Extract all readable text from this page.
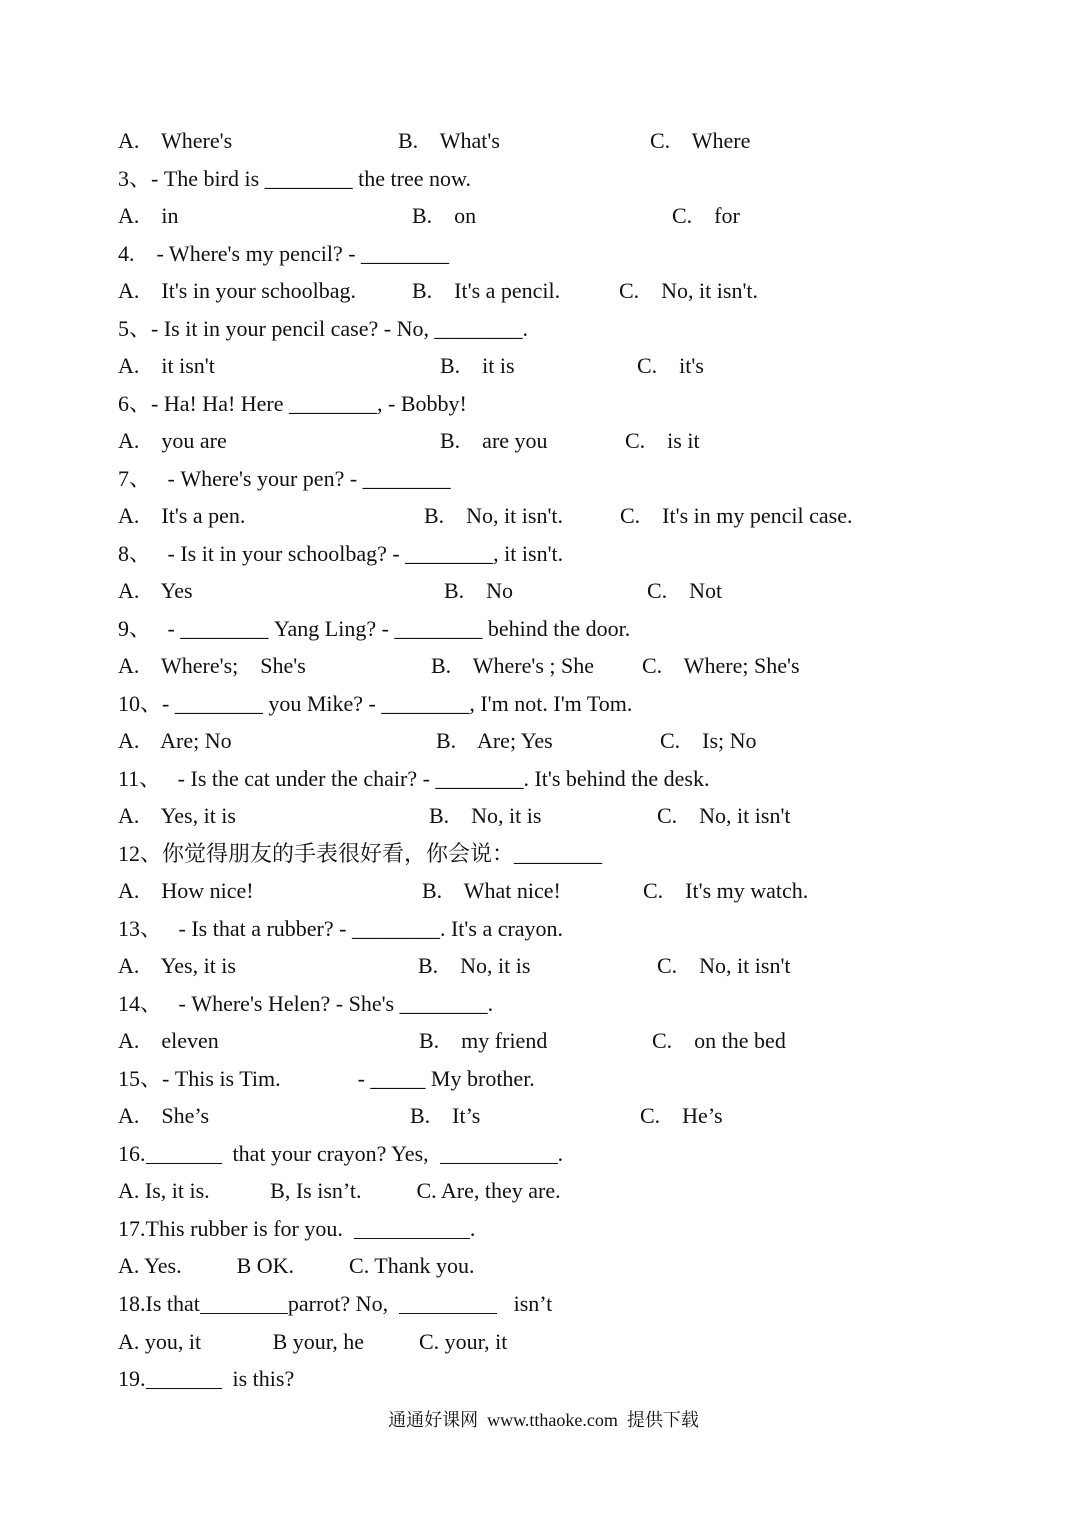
A.    Where's	B.    What's	C.    Where
3、- The bird is ________ the tree now.
A.    in	B.    on	C.    for
4.    - Where's my pencil? - ________
A.    It's in your schoolbag.	B.    It's a pencil.	C.    No, it isn't.
5、- Is it in your pencil case? - No, ________.
A.    it isn't	B.    it is	C.    it's
6、- Ha! Ha! Here ________, - Bobby!
A.    you are	B.    are you	C.    is it
7、   - Where's your pen? - ________
A.    It's a pen.	B.    No, it isn't.	C.    It's in my pencil case.
8、   - Is it in your schoolbag? - ________, it isn't.
A.    Yes	B.    No	C.    Not
9、   - ________ Yang Ling? - ________ behind the door.
A.    Where's;    She's	B.    Where's ; She C.    Where; She's
10、- ________ you Mike? - ________, I'm not. I'm Tom.
A.    Are; No	B.    Are; Yes	C.    Is; No
11、   - Is the cat under the chair? - ________. It's behind the desk.
A.    Yes, it is	B.    No, it is	C.    No, it isn't
12、你觉得朋友的手表很好看，你会说：________
A.    How nice!	B.    What nice!	C.    It's my watch.
13、   - Is that a rubber? - ________. It's a crayon.
A.    Yes, it is	B.    No, it is	C.    No, it isn't
14、   - Where's Helen? - She's ________.
A.    eleven	B.    my friend	C.    on the bed
15、- This is Tim.              - _____ My brother.
A.    She’s	B.    It’s	C.    He’s
16.	that your crayon? Yes,	.
A. Is, it is.           B, Is isn’t.          C. Are, they are.
17.This rubber is for you.	.
A. Yes.          B OK.          C. Thank you.
18.Is that	parrot? No,	isn’t
A. you, it             B your, he          C. your, it
19.	is this?
通通好课网  www.tthaoke.com  提供下载
